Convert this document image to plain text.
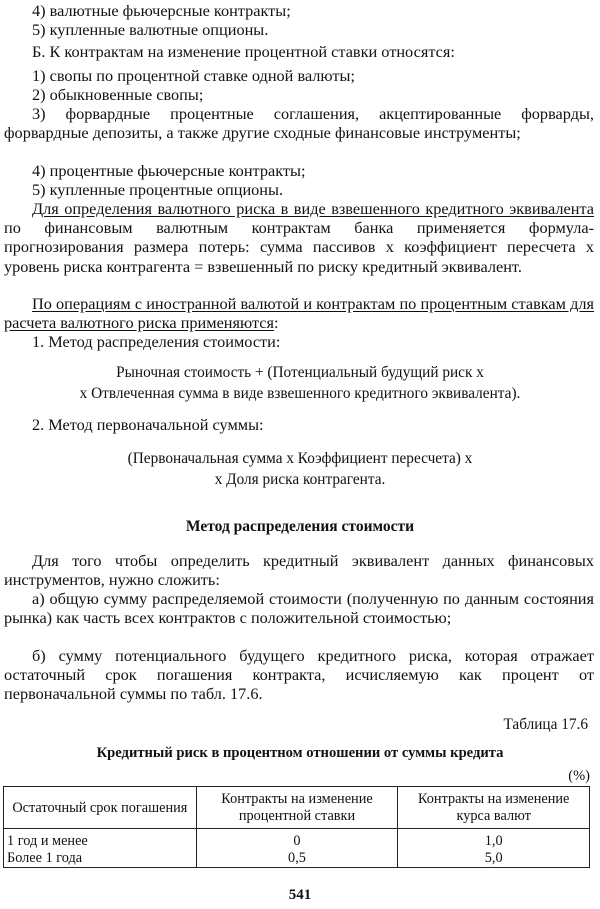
4) валютные фьючерсные контракты;

5) купленные валютные опционы.

Б. К контрактам на изменение процентной ставки относятся:

1) свопы по процентной ставке одной валюты;

2) обыкновенные свопы;

3) форвардные процентные соглашения, акцептированные форварды, форвардные депозиты, а также другие сходные финансовые инструменты;

4) процентные фьючерсные контракты;

5) купленные процентные опционы.

Для определения валютного риска в виде взвешенного кредитного эквивалента по финансовым валютным контрактам банка применяется формула-прогнозирования размера потерь: сумма пассивов х коэффициент пересчета х уровень риска контрагента = взвешенный по риску кредитный эквивалент.

По операциям с иностранной валютой и контрактам по процентным ставкам для расчета валютного риска применяются:

1. Метод распределения стоимости:

Рыночная стоимость + (Потенциальный будущий риск х

х Отвлеченная сумма в виде взвешенного кредитного эквивалента).

2. Метод первоначальной суммы:

(Первоначальная сумма х Коэффициент пересчета) х

х Доля риска контрагента.

Метод распределения стоимости

Для того чтобы определить кредитный эквивалент данных финансовых инструментов, нужно сложить:

а) общую сумму распределяемой стоимости (полученную по данным состояния рынка) как часть всех контрактов с положительной стоимостью;

б) сумму потенциального будущего кредитного риска, которая отражает остаточный срок погашения контракта, исчисляемую как процент от первоначальной суммы по табл. 17.6.

Таблица 17.6

Кредитный риск в процентном отношении от суммы кредита

(%)

Остаточный срок погашения	Контракты на изменение процентной ставки	Контракты на изменение курса валют
1 год и менее	0	1,0
Более 1 года	0,5	5,0

541
